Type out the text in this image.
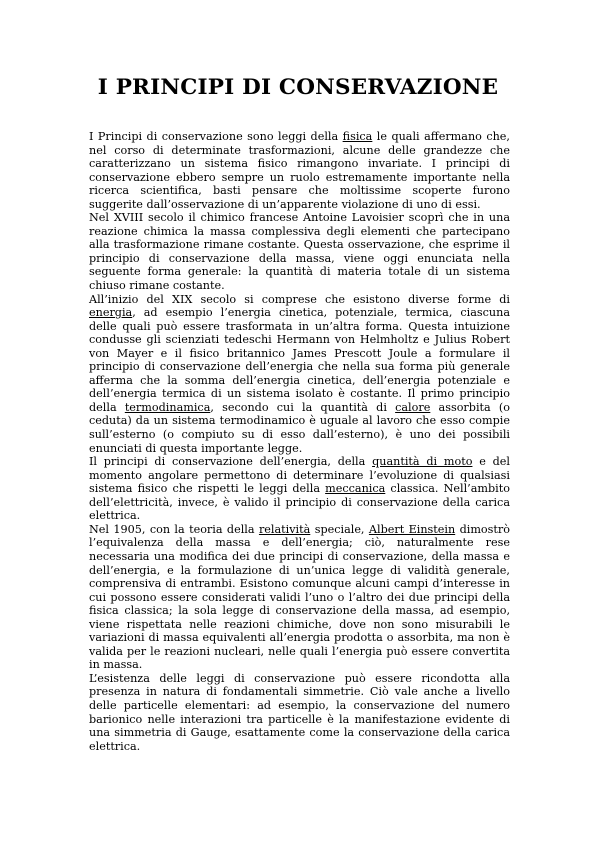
I PRINCIPI DI CONSERVAZIONE

I Principi di conservazione sono leggi della fisica le quali affermano che, nel corso di determinate trasformazioni, alcune delle grandezze che caratterizzano un sistema fisico rimangono invariate. I principi di conservazione ebbero sempre un ruolo estremamente importante nella ricerca scientifica, basti pensare che moltissime scoperte furono suggerite dall’osservazione di un’apparente violazione di uno di essi.

Nel XVIII secolo il chimico francese Antoine Lavoisier scoprì che in una reazione chimica la massa complessiva degli elementi che partecipano alla trasformazione rimane costante. Questa osservazione, che esprime il principio di conservazione della massa, viene oggi enunciata nella seguente forma generale: la quantità di materia totale di un sistema chiuso rimane costante.

All’inizio del XIX secolo si comprese che esistono diverse forme di energia, ad esempio l’energia cinetica, potenziale, termica, ciascuna delle quali può essere trasformata in un’altra forma. Questa intuizione condusse gli scienziati tedeschi Hermann von Helmholtz e Julius Robert von Mayer e il fisico britannico James Prescott Joule a formulare il principio di conservazione dell’energia che nella sua forma più generale afferma che la somma dell’energia cinetica, dell’energia potenziale e dell’energia termica di un sistema isolato è costante. Il primo principio della termodinamica, secondo cui la quantità di calore assorbita (o ceduta) da un sistema termodinamico è uguale al lavoro che esso compie sull’esterno (o compiuto su di esso dall’esterno), è uno dei possibili enunciati di questa importante legge.

Il principi di conservazione dell’energia, della quantità di moto e del momento angolare permettono di determinare l’evoluzione di qualsiasi sistema fisico che rispetti le leggi della meccanica classica. Nell’ambito dell’elettricità, invece, è valido il principio di conservazione della carica elettrica.

Nel 1905, con la teoria della relatività speciale, Albert Einstein dimostrò l’equivalenza della massa e dell’energia; ciò, naturalmente rese necessaria una modifica dei due principi di conservazione, della massa e dell’energia, e la formulazione di un’unica legge di validità generale, comprensiva di entrambi. Esistono comunque alcuni campi d’interesse in cui possono essere considerati validi l’uno o l’altro dei due principi della fisica classica; la sola legge di conservazione della massa, ad esempio, viene rispettata nelle reazioni chimiche, dove non sono misurabili le variazioni di massa equivalenti all’energia prodotta o assorbita, ma non è valida per le reazioni nucleari, nelle quali l’energia può essere convertita in massa.

L’esistenza delle leggi di conservazione può essere ricondotta alla presenza in natura di fondamentali simmetrie. Ciò vale anche a livello delle particelle elementari: ad esempio, la conservazione del numero barionico nelle interazioni tra particelle è la manifestazione evidente di una simmetria di Gauge, esattamente come la conservazione della carica elettrica.
